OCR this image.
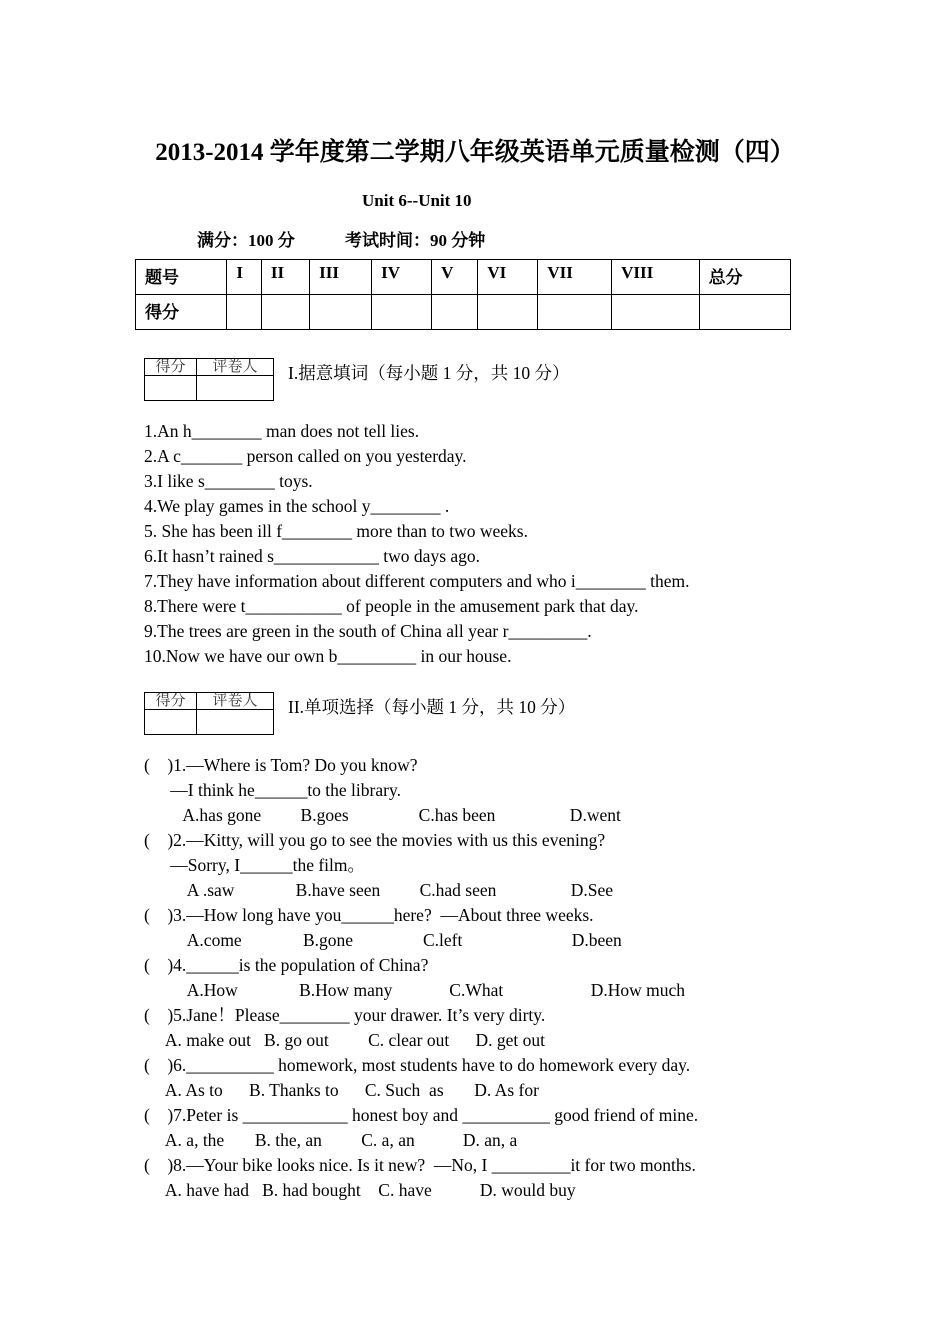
2013-2014 学年度第二学期八年级英语单元质量检测（四）
Unit 6--Unit 10
满分：100 分	考试时间：90 分钟
题号	I	II	III	IV	V	VI	VII	VIII	总分
得分									
得分	评卷人
	I.据意填词（每小题 1 分，共 10 分）
1.An h________ man does not tell lies.
2.A c_______ person called on you yesterday.
3.I like s________ toys.
4.We play games in the school y________ .
5. She has been ill f________ more than to two weeks.
6.It hasn’t rained s____________ two days ago.
7.They have information about different computers and who i________ them.
8.There were t___________ of people in the amusement park that day.
9.The trees are green in the south of China all year r_________.
10.Now we have our own b_________ in our house.
得分	评卷人
	II.单项选择（每小题 1 分，共 10 分）
(    )1.—Where is Tom? Do you know?
—I think he______to the library.
A.has gone         B.goes                C.has been                 D.went
(    )2.—Kitty, will you go to see the movies with us this evening?
—Sorry, I______the film。
A .saw              B.have seen         C.had seen                 D.See
(    )3.—How long have you______here?  —About three weeks.
A.come              B.gone                C.left                         D.been
(    )4.______is the population of China?
A.How              B.How many             C.What                    D.How much
(    )5.Jane！Please________ your drawer. It’s very dirty.
A. make out   B. go out         C. clear out      D. get out
(    )6.__________ homework, most students have to do homework every day.
A. As to      B. Thanks to      C. Such  as       D. As for
(    )7.Peter is ____________ honest boy and __________ good friend of mine.
A. a, the       B. the, an         C. a, an           D. an, a
(    )8.—Your bike looks nice. Is it new?  —No, I _________it for two months.
A. have had   B. had bought    C. have           D. would buy
